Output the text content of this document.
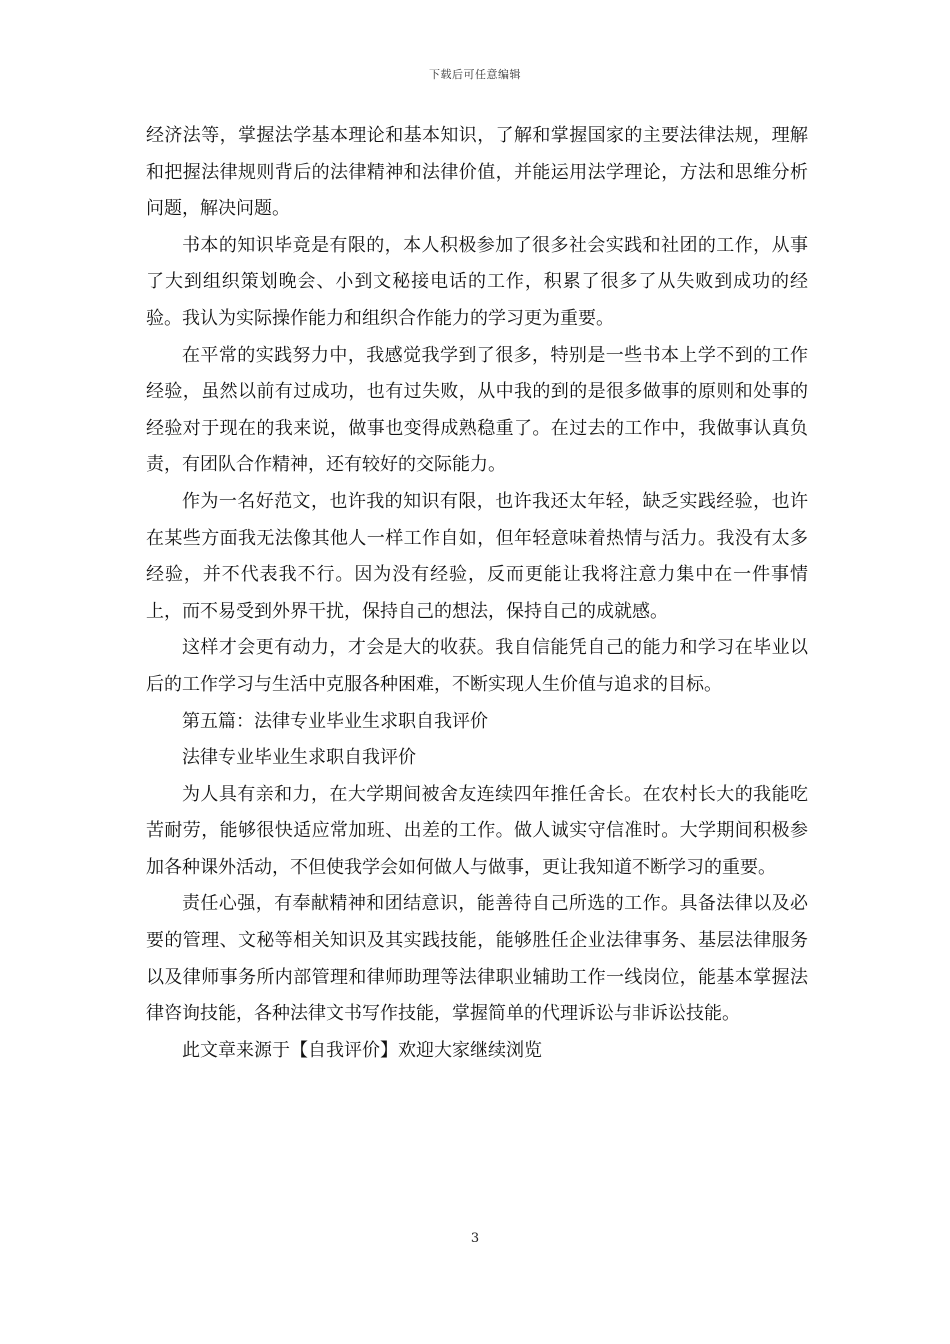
下载后可任意编辑

经济法等，掌握法学基本理论和基本知识，了解和掌握国家的主要法律法规，理解和把握法律规则背后的法律精神和法律价值，并能运用法学理论，方法和思维分析问题，解决问题。

书本的知识毕竟是有限的，本人积极参加了很多社会实践和社团的工作，从事了大到组织策划晚会、小到文秘接电话的工作，积累了很多了从失败到成功的经验。我认为实际操作能力和组织合作能力的学习更为重要。

在平常的实践努力中，我感觉我学到了很多，特别是一些书本上学不到的工作经验，虽然以前有过成功，也有过失败，从中我的到的是很多做事的原则和处事的经验对于现在的我来说，做事也变得成熟稳重了。在过去的工作中，我做事认真负责，有团队合作精神，还有较好的交际能力。

作为一名好范文，也许我的知识有限，也许我还太年轻，缺乏实践经验，也许在某些方面我无法像其他人一样工作自如，但年轻意味着热情与活力。我没有太多经验，并不代表我不行。因为没有经验，反而更能让我将注意力集中在一件事情上，而不易受到外界干扰，保持自己的想法，保持自己的成就感。

这样才会更有动力，才会是大的收获。我自信能凭自己的能力和学习在毕业以后的工作学习与生活中克服各种困难，不断实现人生价值与追求的目标。

第五篇：法律专业毕业生求职自我评价

法律专业毕业生求职自我评价

为人具有亲和力，在大学期间被舍友连续四年推任舍长。在农村长大的我能吃苦耐劳，能够很快适应常加班、出差的工作。做人诚实守信准时。大学期间积极参加各种课外活动，不但使我学会如何做人与做事，更让我知道不断学习的重要。

责任心强，有奉献精神和团结意识，能善待自己所选的工作。具备法律以及必要的管理、文秘等相关知识及其实践技能，能够胜任企业法律事务、基层法律服务以及律师事务所内部管理和律师助理等法律职业辅助工作一线岗位，能基本掌握法律咨询技能，各种法律文书写作技能，掌握简单的代理诉讼与非诉讼技能。

此文章来源于【自我评价】欢迎大家继续浏览

3
